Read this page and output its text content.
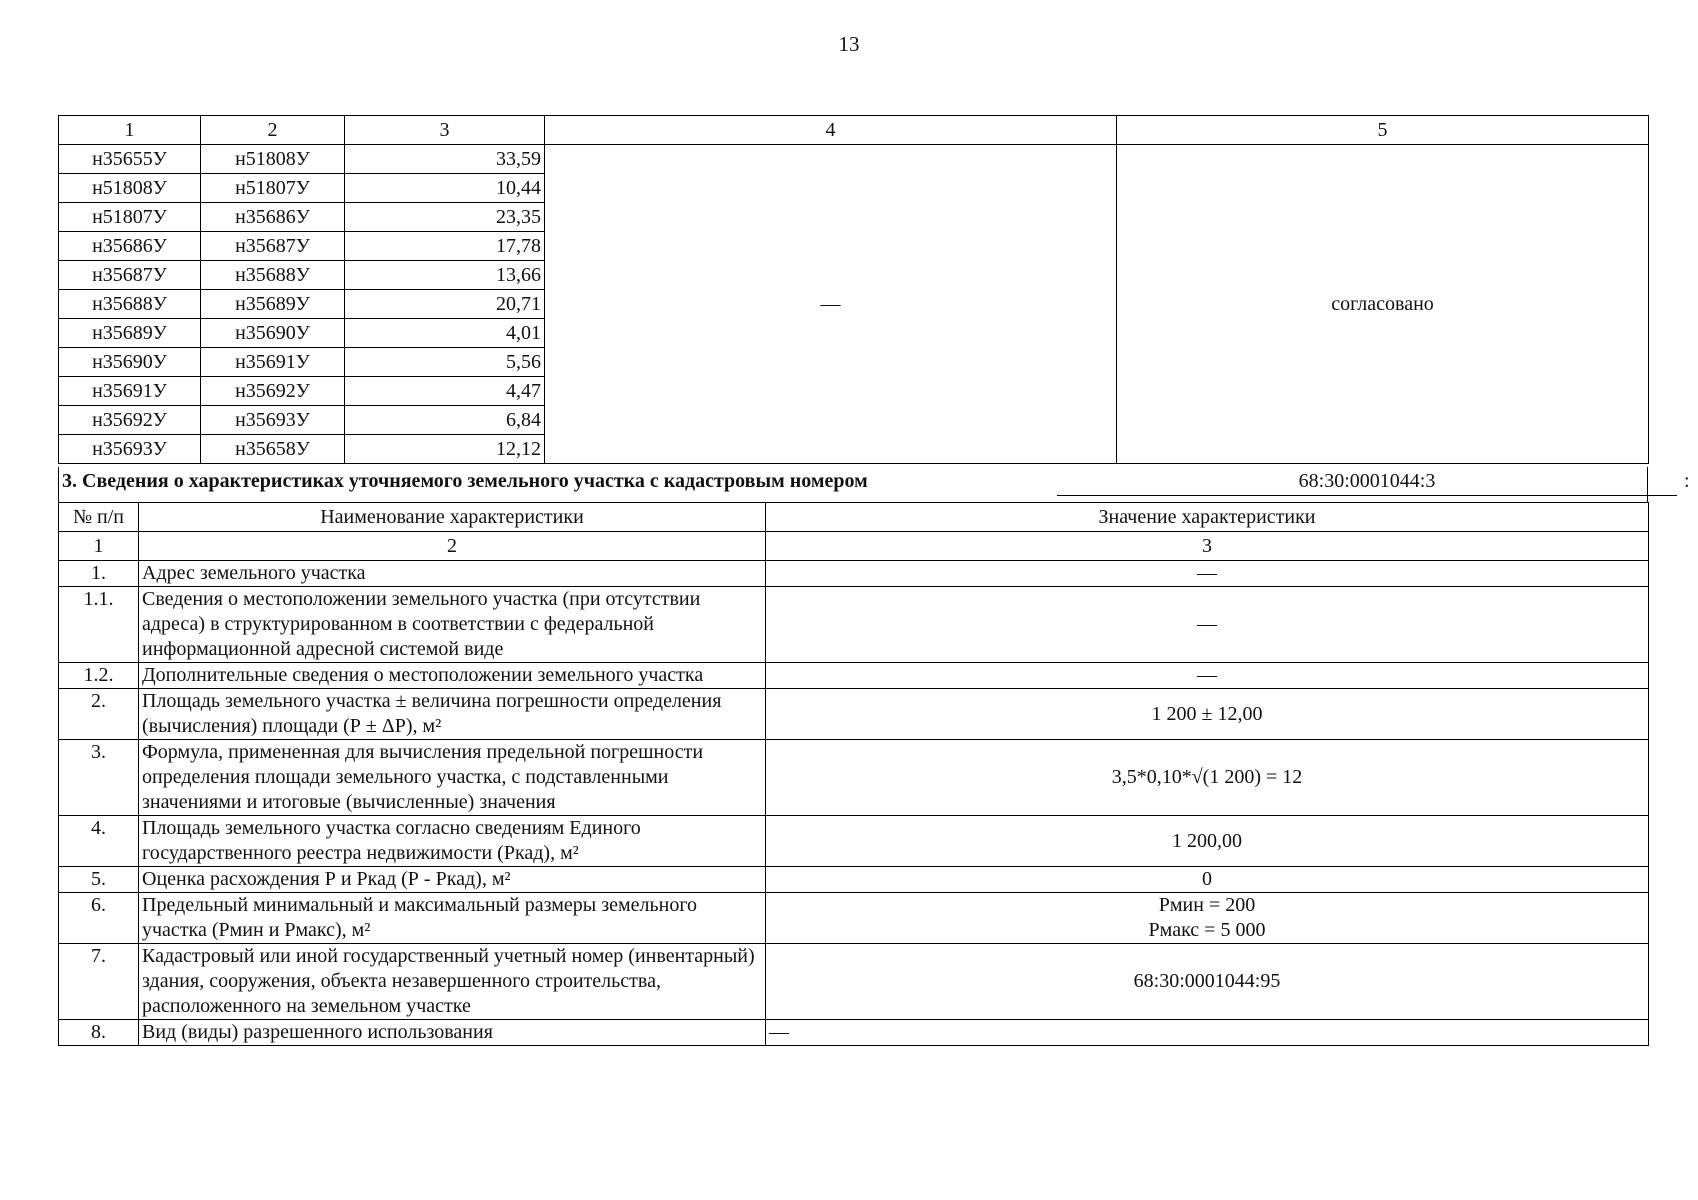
13
1	2	3	4	5
н35655У	н51808У	33,59	—	согласовано
н51808У	н51807У	10,44		
н51807У	н35686У	23,35		
н35686У	н35687У	17,78		
н35687У	н35688У	13,66		
н35688У	н35689У	20,71		
н35689У	н35690У	4,01		
н35690У	н35691У	5,56		
н35691У	н35692У	4,47		
н35692У	н35693У	6,84		
н35693У	н35658У	12,12		
3. Сведения о характеристиках уточняемого земельного участка с кадастровым номером	68:30:0001044:3	:
№ п/п	Наименование характеристики	Значение характеристики
1	2	3
1.	Адрес земельного участка	—
1.1.	Сведения о местоположении земельного участка (при отсутствии адреса) в структурированном в соответствии с федеральной информационной адресной системой виде	—
1.2.	Дополнительные сведения о местоположении земельного участка	—
2.	Площадь земельного участка ± величина погрешности определения (вычисления) площади (Р ± ΔР), м²	1 200 ± 12,00
3.	Формула, примененная для вычисления предельной погрешности определения площади земельного участка, с подставленными значениями и итоговые (вычисленные) значения	3,5*0,10*√(1 200) = 12
4.	Площадь земельного участка согласно сведениям Единого государственного реестра недвижимости (Ркад), м²	1 200,00
5.	Оценка расхождения Р и Ркад (Р - Ркад), м²	0
6.	Предельный минимальный и максимальный размеры земельного участка (Рмин и Рмакс), м²	Рмин = 200
Рмакс = 5 000

7.	Кадастровый или иной государственный учетный номер (инвентарный) здания, сооружения, объекта незавершенного строительства, расположенного на земельном участке	68:30:0001044:95
8.	Вид (виды) разрешенного использования	—
